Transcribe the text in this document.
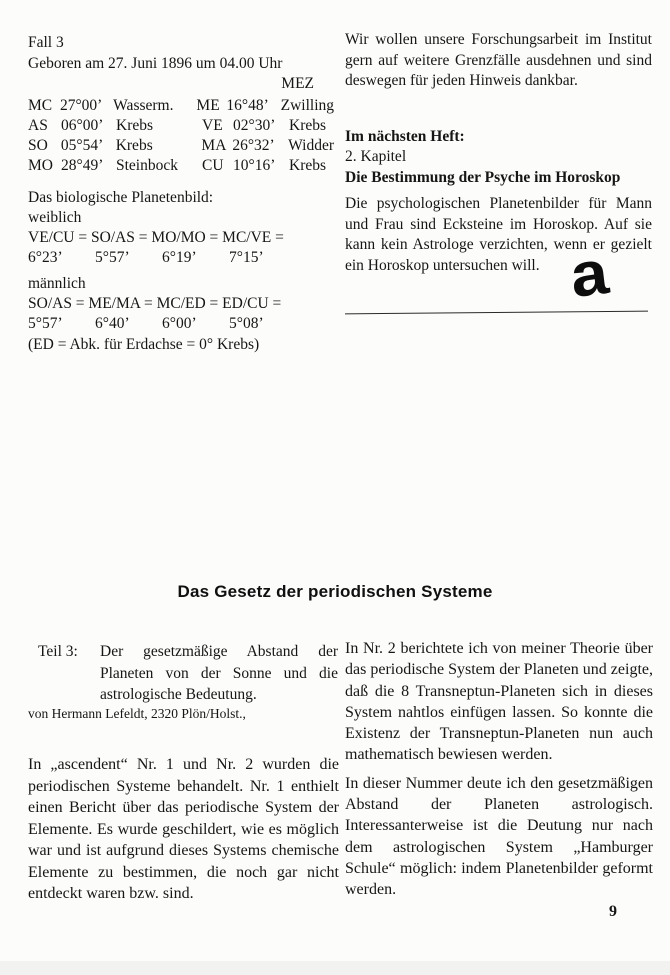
Fall 3
Geboren am 27. Juni 1896 um 04.00 Uhr
MEZ
MC 27°00’ Wasserm.	ME 16°48’ Zwilling
AS 06°00’ Krebs	VE 02°30’ Krebs
SO 05°54’ Krebs	MA 26°32’ Widder
MO 28°49’ Steinbock	CU 10°16’ Krebs
Das biologische Planetenbild:
weiblich
VE/CU = SO/AS = MO/MO = MC/VE =
6°23’	5°57’	6°19’	7°15’
männlich
SO/AS = ME/MA = MC/ED = ED/CU =
5°57’	6°40’	6°00’	5°08’
(ED = Abk. für Erdachse = 0° Krebs)
Wir wollen unsere Forschungsarbeit im Institut gern auf weitere Grenzfälle ausdehnen und sind deswegen für jeden Hinweis dankbar.
Im nächsten Heft:
2. Kapitel
Die Bestimmung der Psyche im Horoskop
Die psychologischen Planetenbilder für Mann und Frau sind Ecksteine im Horoskop. Auf sie kann kein Astrologe verzichten, wenn er gezielt ein Horoskop untersuchen will. a
Das Gesetz der periodischen Systeme
Teil 3:	Der gesetzmäßige Abstand der Planeten von der Sonne und die astrologische Bedeutung.
von Hermann Lefeldt, 2320 Plön/Holst.,
In „ascendent“ Nr. 1 und Nr. 2 wurden die periodischen Systeme behandelt. Nr. 1 enthielt einen Bericht über das periodische System der Elemente. Es wurde geschildert, wie es möglich war und ist aufgrund dieses Systems chemische Elemente zu bestimmen, die noch gar nicht entdeckt waren bzw. sind.
In Nr. 2 berichtete ich von meiner Theorie über das periodische System der Planeten und zeigte, daß die 8 Transneptun-Planeten sich in dieses System nahtlos einfügen lassen. So konnte die Existenz der Transneptun-Planeten nun auch mathematisch bewiesen werden.
In dieser Nummer deute ich den gesetzmäßigen Abstand der Planeten astrologisch. Interessanterweise ist die Deutung nur nach dem astrologischen System „Hamburger Schule“ möglich: indem Planetenbilder geformt werden.
9
